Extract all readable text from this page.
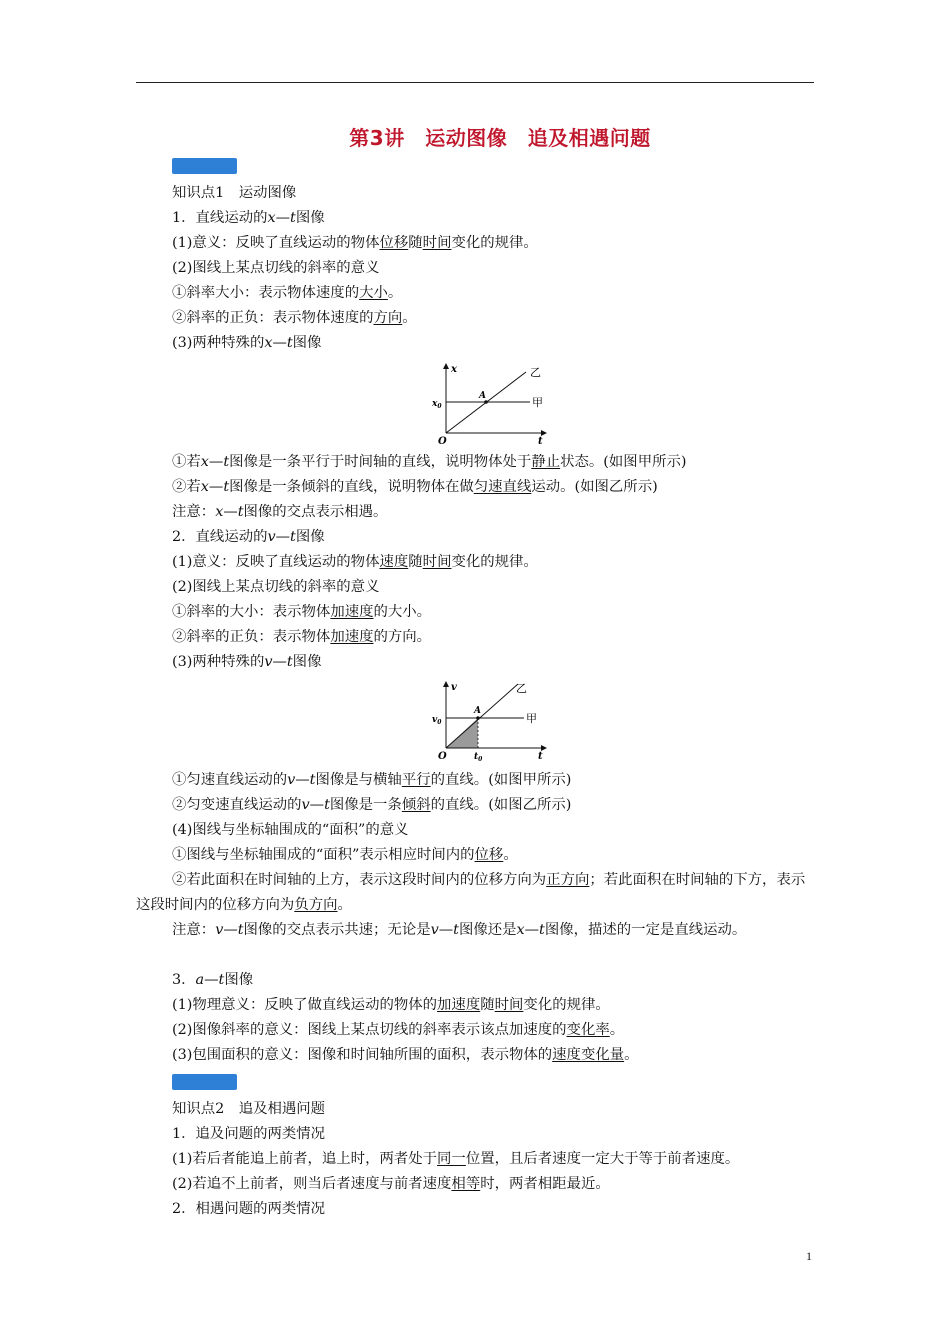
第3讲　运动图像　追及相遇问题
知识点1　运动图像
1．直线运动的x—t图像
(1)意义：反映了直线运动的物体位移随时间变化的规律。
(2)图线上某点切线的斜率的意义
①斜率大小：表示物体速度的大小。
②斜率的正负：表示物体速度的方向。
(3)两种特殊的x—t图像
x
t
O
$x_0$
A
乙
甲
①若x—t图像是一条平行于时间轴的直线，说明物体处于静止状态。(如图甲所示)
②若x—t图像是一条倾斜的直线，说明物体在做匀速直线运动。(如图乙所示)
注意：x—t图像的交点表示相遇。
2．直线运动的v—t图像
(1)意义：反映了直线运动的物体速度随时间变化的规律。
(2)图线上某点切线的斜率的意义
①斜率的大小：表示物体加速度的大小。
②斜率的正负：表示物体加速度的方向。
(3)两种特殊的v—t图像
v
t
O
$v_0$
$t_0$
A
乙
甲
①匀速直线运动的v—t图像是与横轴平行的直线。(如图甲所示)
②匀变速直线运动的v—t图像是一条倾斜的直线。(如图乙所示)
(4)图线与坐标轴围成的“面积”的意义
①图线与坐标轴围成的“面积”表示相应时间内的位移。
②若此面积在时间轴的上方，表示这段时间内的位移方向为正方向；若此面积在时间轴的下方，表示这段时间内的位移方向为负方向。
注意：v—t图像的交点表示共速；无论是v—t图像还是x—t图像，描述的一定是直线运动。
3．a—t图像
(1)物理意义：反映了做直线运动的物体的加速度随时间变化的规律。
(2)图像斜率的意义：图线上某点切线的斜率表示该点加速度的变化率。
(3)包围面积的意义：图像和时间轴所围的面积，表示物体的速度变化量。
知识点2　追及相遇问题
1．追及问题的两类情况
(1)若后者能追上前者，追上时，两者处于同一位置，且后者速度一定大于等于前者速度。
(2)若追不上前者，则当后者速度与前者速度相等时，两者相距最近。
2．相遇问题的两类情况
1
